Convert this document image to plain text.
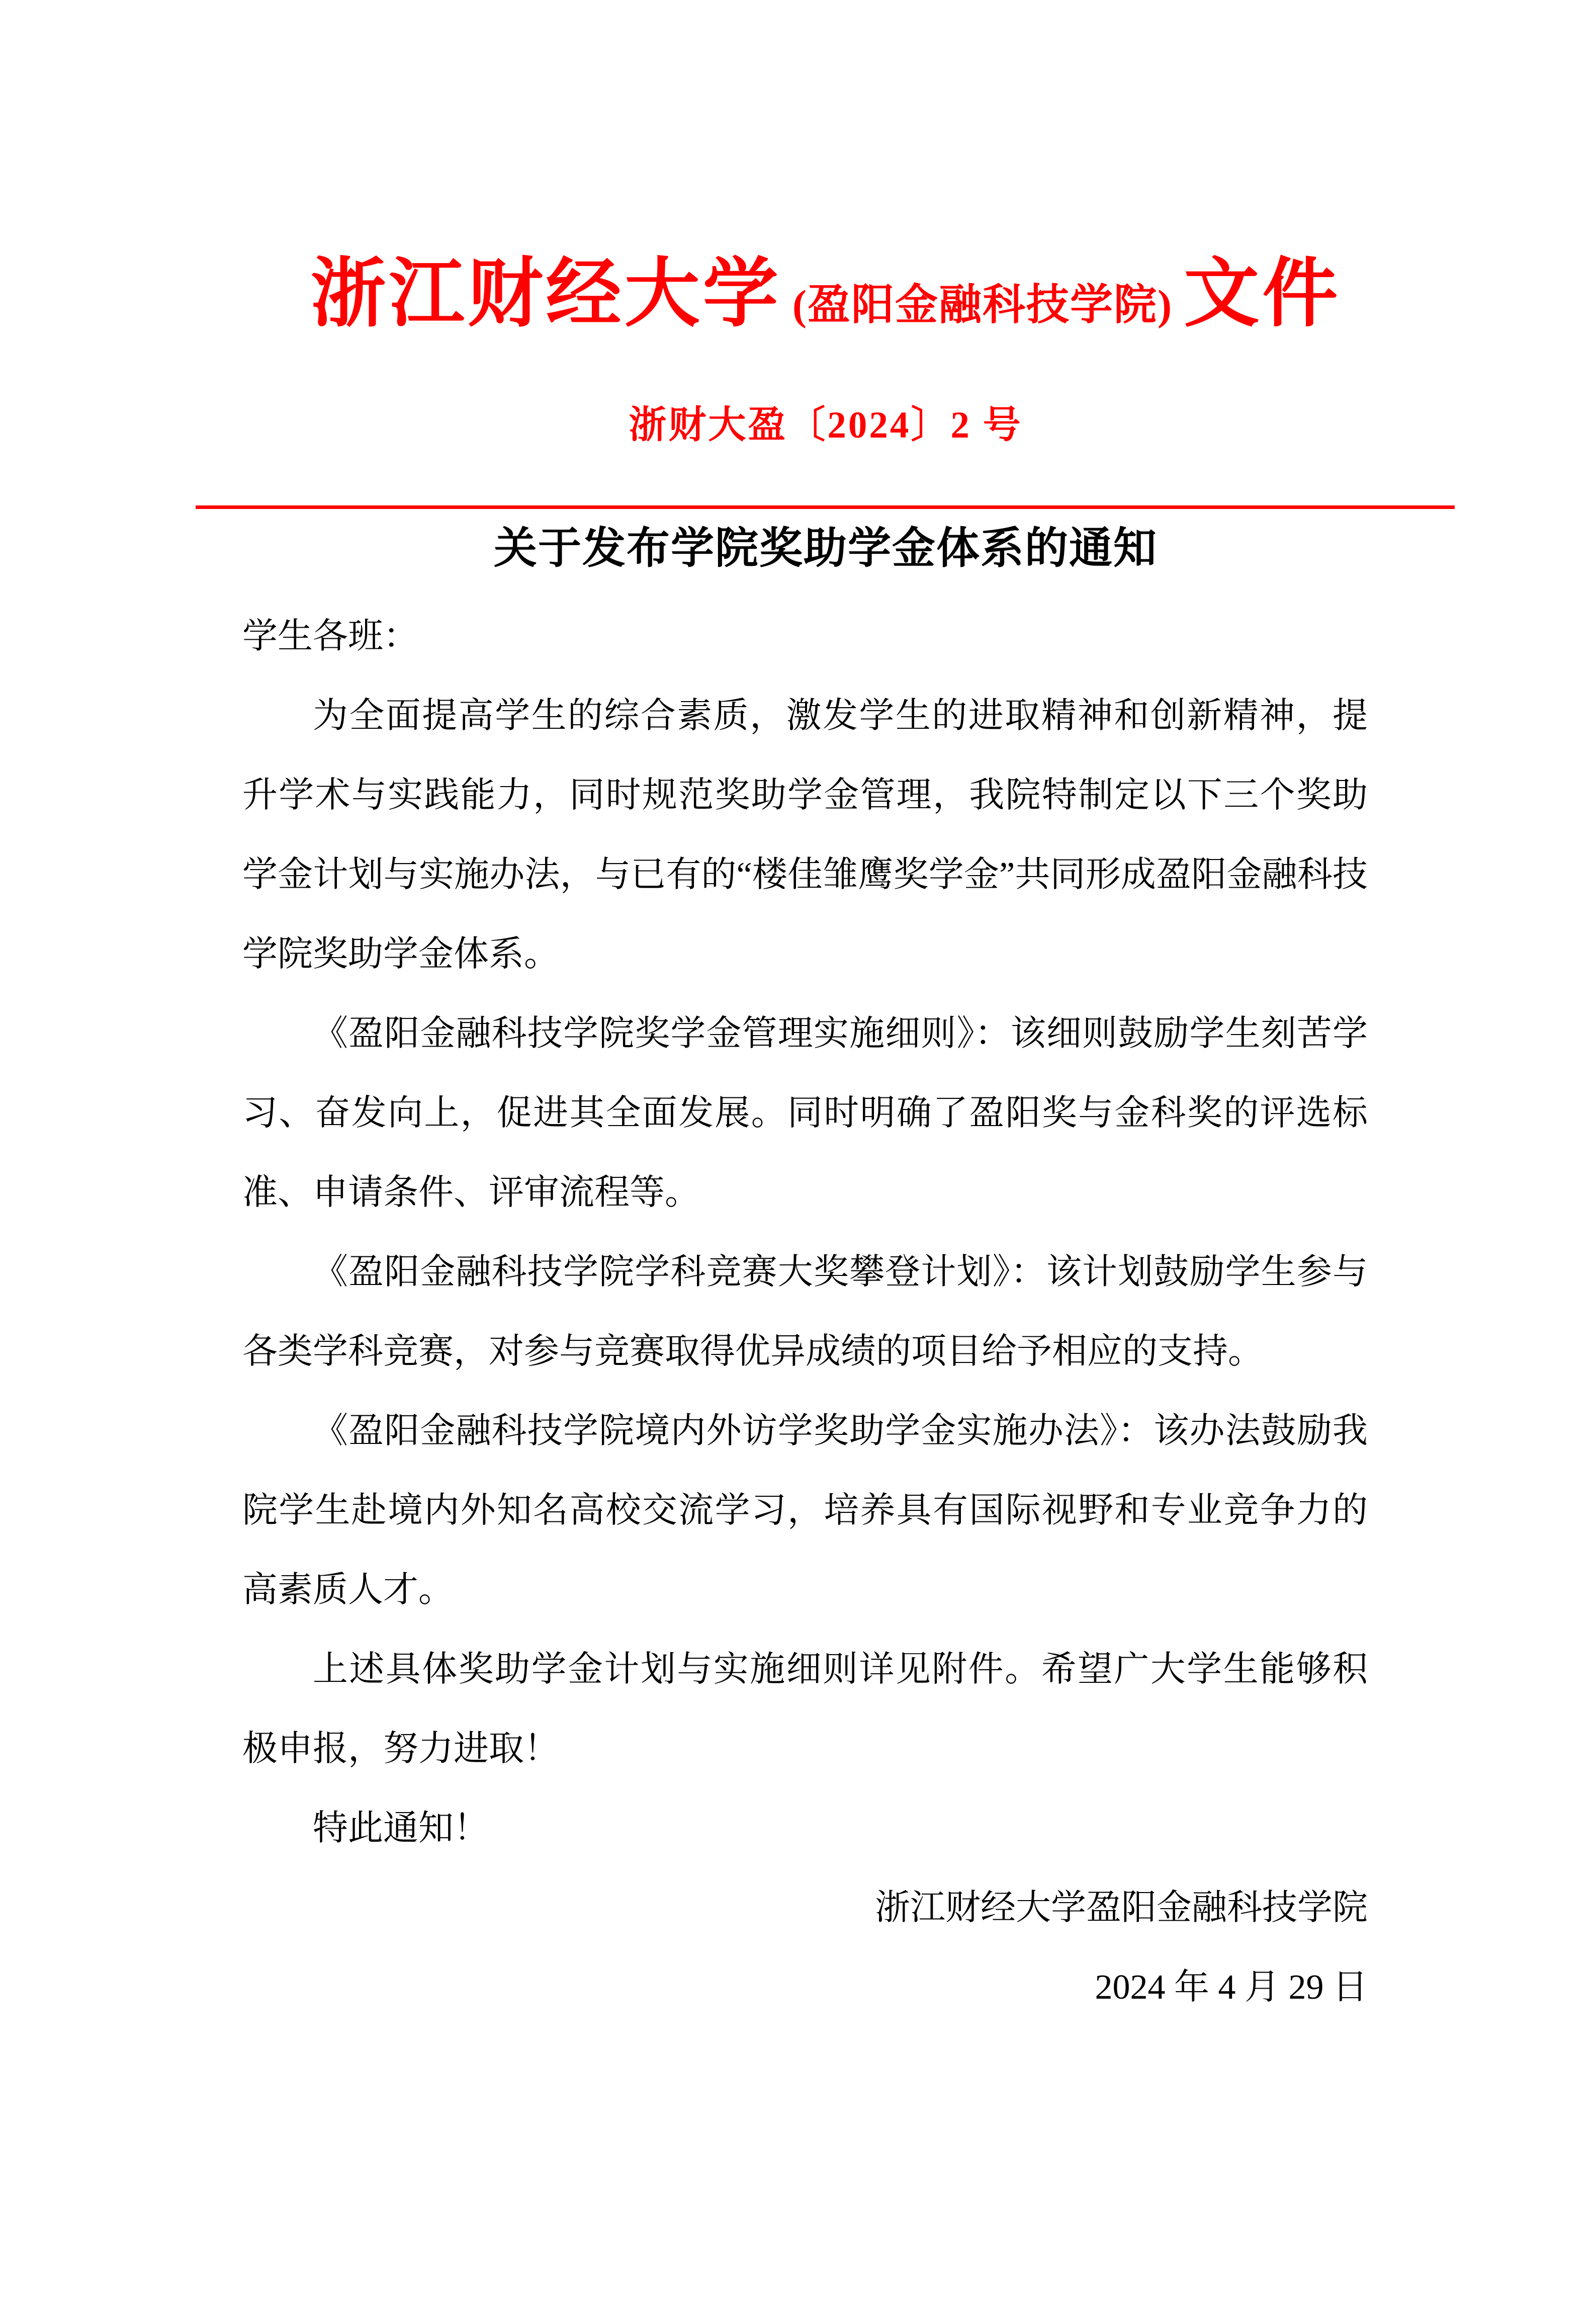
浙江财经大学 (盈阳金融科技学院) 文件
浙财大盈〔2024〕2 号
关于发布学院奖助学金体系的通知

学生各班：

为全面提高学生的综合素质，激发学生的进取精神和创新精神，提升学术与实践能力，同时规范奖助学金管理，我院特制定以下三个奖助学金计划与实施办法，与已有的“楼佳雏鹰奖学金”共同形成盈阳金融科技学院奖助学金体系。

《盈阳金融科技学院奖学金管理实施细则》：该细则鼓励学生刻苦学习、奋发向上，促进其全面发展。同时明确了盈阳奖与金科奖的评选标准、申请条件、评审流程等。

《盈阳金融科技学院学科竞赛大奖攀登计划》：该计划鼓励学生参与各类学科竞赛，对参与竞赛取得优异成绩的项目给予相应的支持。

《盈阳金融科技学院境内外访学奖助学金实施办法》：该办法鼓励我院学生赴境内外知名高校交流学习，培养具有国际视野和专业竞争力的高素质人才。

上述具体奖助学金计划与实施细则详见附件。希望广大学生能够积极申报，努力进取！

特此通知！

浙江财经大学盈阳金融科技学院

2024 年 4 月 29 日
